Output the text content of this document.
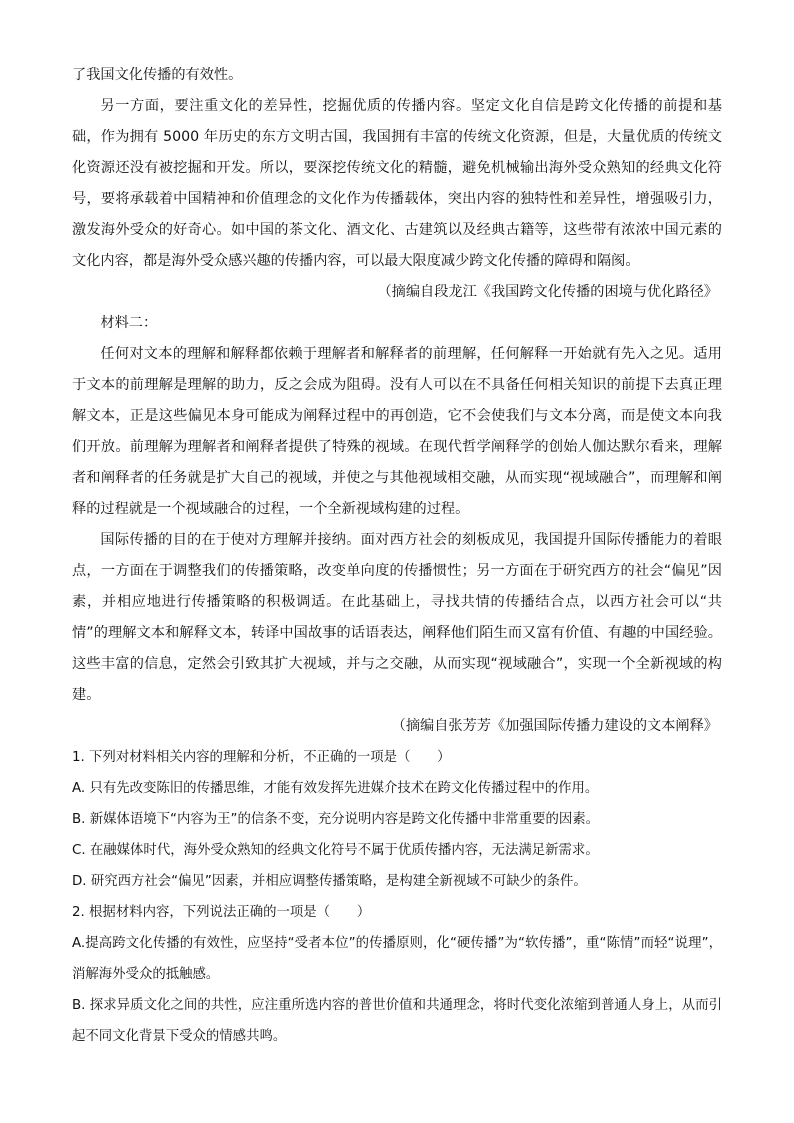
了我国文化传播的有效性。

另一方面，要注重文化的差异性，挖掘优质的传播内容。坚定文化自信是跨文化传播的前提和基础，作为拥有 5000 年历史的东方文明古国，我国拥有丰富的传统文化资源，但是，大量优质的传统文化资源还没有被挖掘和开发。所以，要深挖传统文化的精髓，避免机械输出海外受众熟知的经典文化符号，要将承载着中国精神和价值理念的文化作为传播载体，突出内容的独特性和差异性，增强吸引力，激发海外受众的好奇心。如中国的茶文化、酒文化、古建筑以及经典古籍等，这些带有浓浓中国元素的文化内容，都是海外受众感兴趣的传播内容，可以最大限度减少跨文化传播的障碍和隔阂。

（摘编自段龙江《我国跨文化传播的困境与优化路径》

材料二：

任何对文本的理解和解释都依赖于理解者和解释者的前理解，任何解释一开始就有先入之见。适用于文本的前理解是理解的助力，反之会成为阻碍。没有人可以在不具备任何相关知识的前提下去真正理解文本，正是这些偏见本身可能成为阐释过程中的再创造，它不会使我们与文本分离，而是使文本向我们开放。前理解为理解者和阐释者提供了特殊的视域。在现代哲学阐释学的创始人伽达默尔看来，理解者和阐释者的任务就是扩大自己的视域，并使之与其他视域相交融，从而实现“视域融合”，而理解和阐释的过程就是一个视域融合的过程，一个全新视域构建的过程。

国际传播的目的在于使对方理解并接纳。面对西方社会的刻板成见，我国提升国际传播能力的着眼点，一方面在于调整我们的传播策略，改变单向度的传播惯性；另一方面在于研究西方的社会“偏见”因素，并相应地进行传播策略的积极调适。在此基础上，寻找共情的传播结合点，以西方社会可以“共情”的理解文本和解释文本，转译中国故事的话语表达，阐释他们陌生而又富有价值、有趣的中国经验。这些丰富的信息，定然会引致其扩大视域，并与之交融，从而实现“视域融合”，实现一个全新视域的构建。

（摘编自张芳芳《加强国际传播力建设的文本阐释》

1. 下列对材料相关内容的理解和分析，不正确的一项是（　　）

A. 只有先改变陈旧的传播思维，才能有效发挥先进媒介技术在跨文化传播过程中的作用。

B. 新媒体语境下“内容为王”的信条不变，充分说明内容是跨文化传播中非常重要的因素。

C. 在融媒体时代，海外受众熟知的经典文化符号不属于优质传播内容，无法满足新需求。

D. 研究西方社会“偏见”因素，并相应调整传播策略，是构建全新视域不可缺少的条件。

2. 根据材料内容，下列说法正确的一项是（　　）

A.提高跨文化传播的有效性，应坚持“受者本位”的传播原则，化“硬传播”为“软传播”，重“陈情”而轻“说理”，消解海外受众的抵触感。

B. 探求异质文化之间的共性，应注重所选内容的普世价值和共通理念，将时代变化浓缩到普通人身上，从而引起不同文化背景下受众的情感共鸣。
